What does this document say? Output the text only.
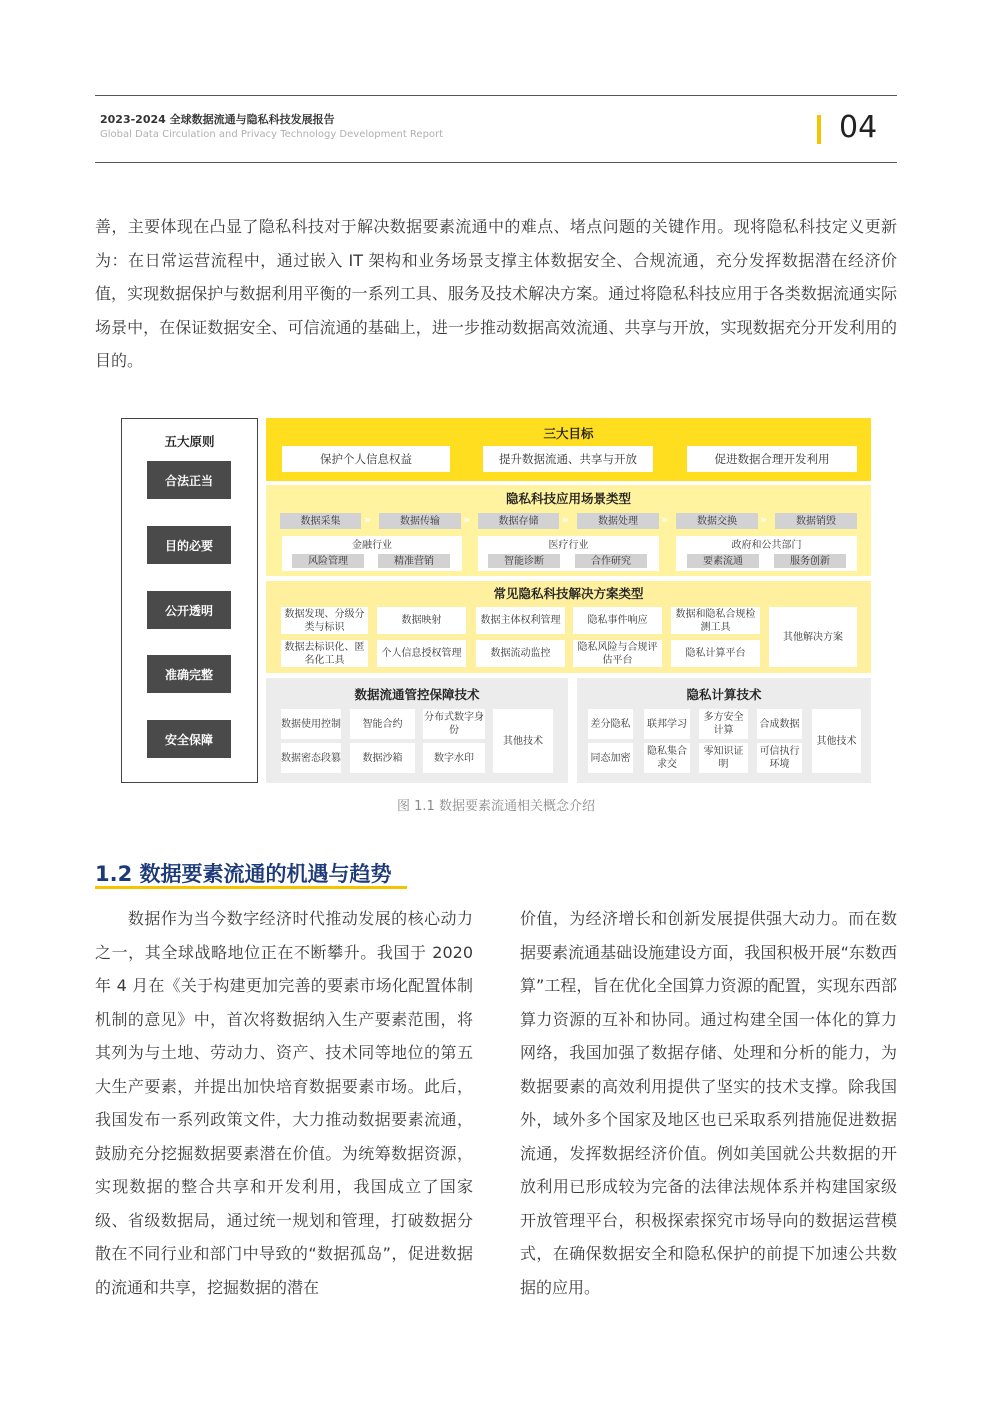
2023-2024 全球数据流通与隐私科技发展报告
Global Data Circulation and Privacy Technology Development Report	04

善，主要体现在凸显了隐私科技对于解决数据要素流通中的难点、堵点问题的关键作用。现将隐私科技定义更新为：在日常运营流程中，通过嵌入 IT 架构和业务场景支撑主体数据安全、合规流通，充分发挥数据潜在经济价值，实现数据保护与数据利用平衡的一系列工具、服务及技术解决方案。通过将隐私科技应用于各类数据流通实际场景中，在保证数据安全、可信流通的基础上，进一步推动数据高效流通、共享与开放，实现数据充分开发利用的目的。

五大原则
合法正当
目的必要
公开透明
准确完整
安全保障
三大目标
保护个人信息权益	提升数据流通、共享与开放	促进数据合理开发利用
隐私科技应用场景类型
数据采集	»	数据传输	»	数据存储	»	数据处理	»	数据交换	»	数据销毁
金融行业
风险管理	精准营销
医疗行业
智能诊断	合作研究
政府和公共部门
要素流通	服务创新
常见隐私科技解决方案类型
数据发现、分级分类与标识
数据映射	数据主体权利管理	隐私事件响应
数据和隐私合规检测工具
数据去标识化、匿名化工具
个人信息授权管理	数据流动监控
隐私风险与合规评估平台
隐私计算平台
其他解决方案
数据流通管控保障技术
数据使用控制	智能合约
分布式数字身份
数据密态段篡	数据沙箱	数字水印
其他技术
隐私计算技术
差分隐私	联邦学习
多方安全计算
合成数据
同态加密
隐私集合求交
零知识证明
可信执行环境
其他技术
图 1.1 数据要素流通相关概念介绍
1.2 数据要素流通的机遇与趋势

　　数据作为当今数字经济时代推动发展的核心动力之一，其全球战略地位正在不断攀升。我国于 2020 年 4 月在《关于构建更加完善的要素市场化配置体制机制的意见》中，首次将数据纳入生产要素范围，将其列为与土地、劳动力、资产、技术同等地位的第五大生产要素，并提出加快培育数据要素市场。此后，我国发布一系列政策文件，大力推动数据要素流通，鼓励充分挖掘数据要素潜在价值。为统筹数据资源，实现数据的整合共享和开发利用，我国成立了国家级、省级数据局，通过统一规划和管理，打破数据分散在不同行业和部门中导致的“数据孤岛”，促进数据的流通和共享，挖掘数据的潜在

价值，为经济增长和创新发展提供强大动力。而在数据要素流通基础设施建设方面，我国积极开展“东数西算”工程，旨在优化全国算力资源的配置，实现东西部算力资源的互补和协同。通过构建全国一体化的算力网络，我国加强了数据存储、处理和分析的能力，为数据要素的高效利用提供了坚实的技术支撑。除我国外，域外多个国家及地区也已采取系列措施促进数据流通，发挥数据经济价值。例如美国就公共数据的开放利用已形成较为完备的法律法规体系并构建国家级开放管理平台，积极探索探究市场导向的数据运营模式，在确保数据安全和隐私保护的前提下加速公共数据的应用。
